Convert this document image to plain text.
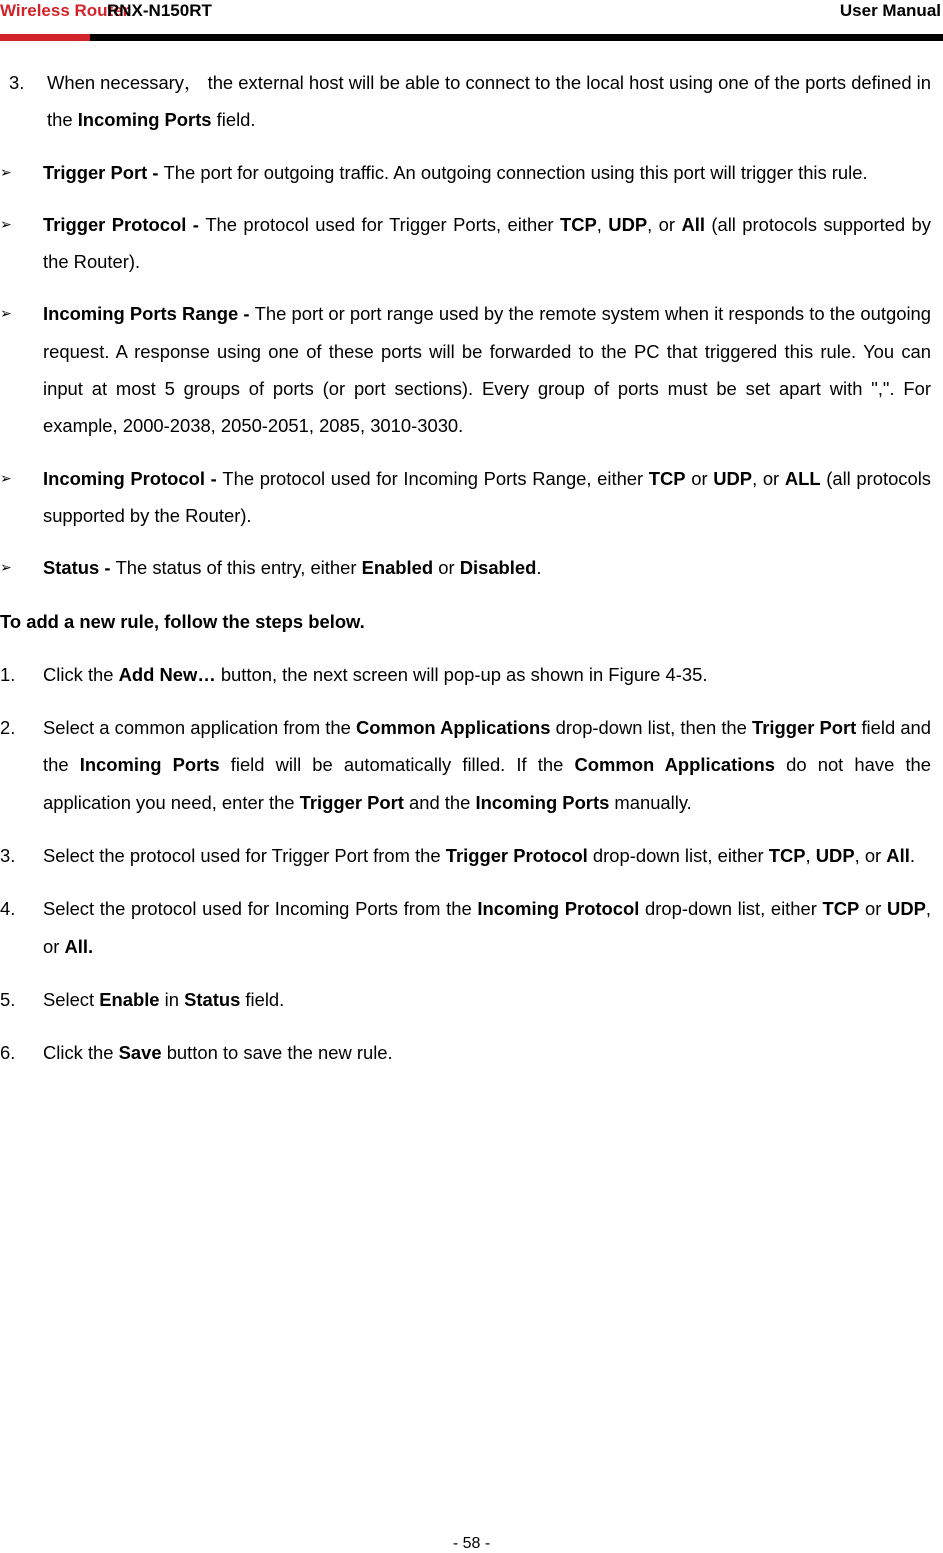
Wireless Router
RNX-N150RT	User Manual
3. When necessary， the external host will be able to connect to the local host using one of the ports defined in the Incoming Ports field.
➢ Trigger Port - The port for outgoing traffic. An outgoing connection using this port will trigger this rule.
➢ Trigger Protocol - The protocol used for Trigger Ports, either TCP, UDP, or All (all protocols supported by the Router).
➢ Incoming Ports Range - The port or port range used by the remote system when it responds to the outgoing request. A response using one of these ports will be forwarded to the PC that triggered this rule. You can input at most 5 groups of ports (or port sections). Every group of ports must be set apart with ",". For example, 2000-2038, 2050-2051, 2085, 3010-3030.
➢ Incoming Protocol - The protocol used for Incoming Ports Range, either TCP or UDP, or ALL (all protocols supported by the Router).
➢ Status - The status of this entry, either Enabled or Disabled.
To add a new rule, follow the steps below.
1. Click the Add New… button, the next screen will pop-up as shown in Figure 4-35.
2. Select a common application from the Common Applications drop-down list, then the Trigger Port field and the Incoming Ports field will be automatically filled. If the Common Applications do not have the application you need, enter the Trigger Port and the Incoming Ports manually.
3. Select the protocol used for Trigger Port from the Trigger Protocol drop-down list, either TCP, UDP, or All.
4. Select the protocol used for Incoming Ports from the Incoming Protocol drop-down list, either TCP or UDP, or All.
5. Select Enable in Status field.
6. Click the Save button to save the new rule.
- 58 -
